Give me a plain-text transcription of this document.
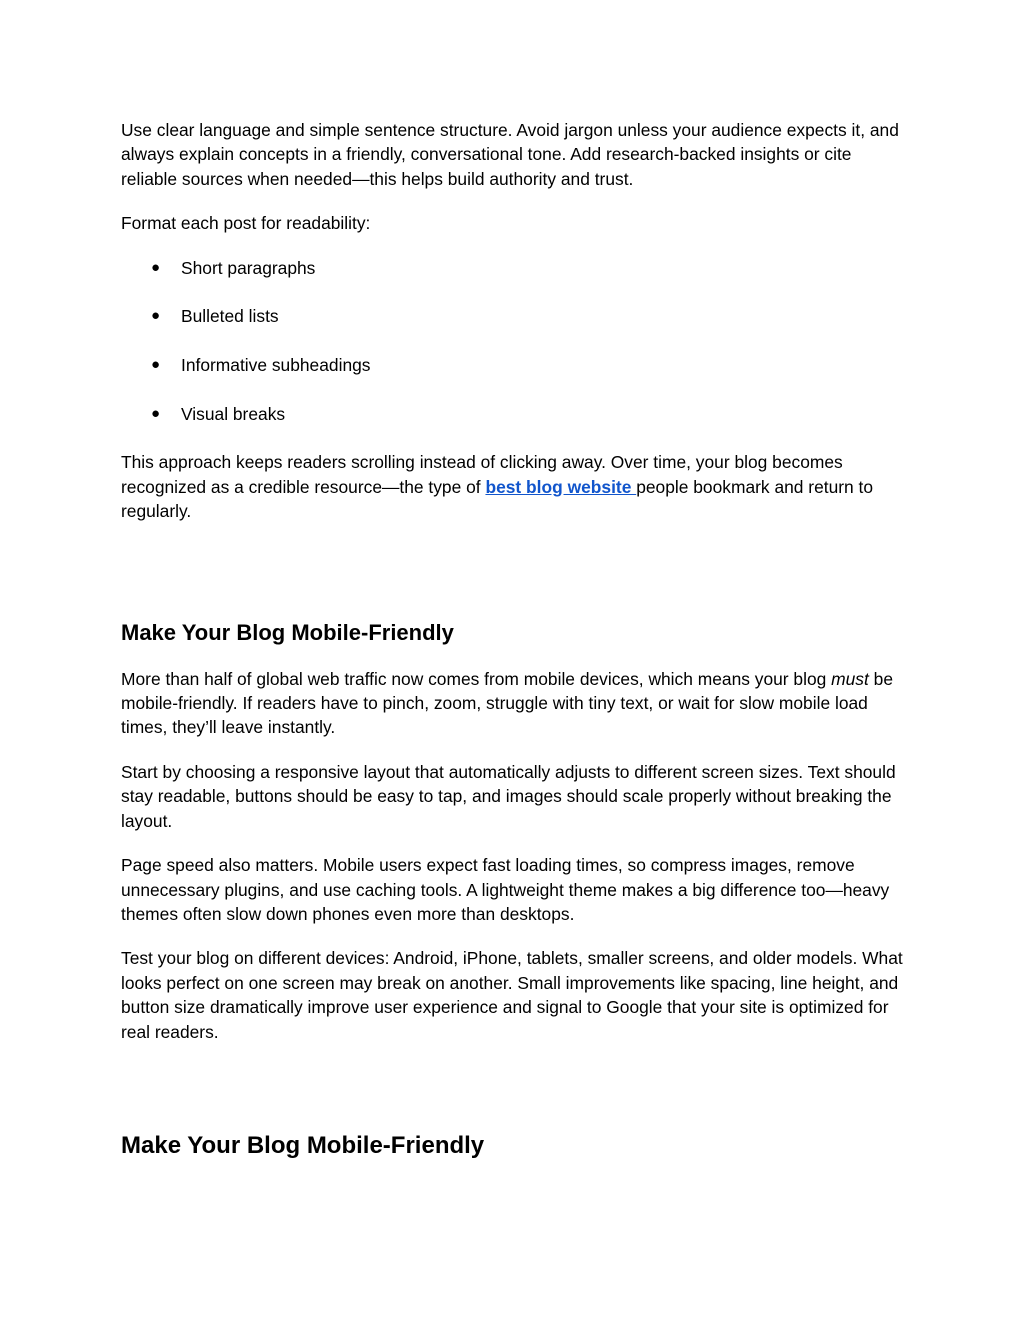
Use clear language and simple sentence structure. Avoid jargon unless your audience expects it, and always explain concepts in a friendly, conversational tone. Add research-backed insights or cite reliable sources when needed—this helps build authority and trust.

Format each post for readability:

● Short paragraphs
● Bulleted lists
● Informative subheadings
● Visual breaks

This approach keeps readers scrolling instead of clicking away. Over time, your blog becomes recognized as a credible resource—the type of best blog website people bookmark and return to regularly.

Make Your Blog Mobile-Friendly

More than half of global web traffic now comes from mobile devices, which means your blog must be mobile-friendly. If readers have to pinch, zoom, struggle with tiny text, or wait for slow mobile load times, they’ll leave instantly.

Start by choosing a responsive layout that automatically adjusts to different screen sizes. Text should stay readable, buttons should be easy to tap, and images should scale properly without breaking the layout.

Page speed also matters. Mobile users expect fast loading times, so compress images, remove unnecessary plugins, and use caching tools. A lightweight theme makes a big difference too—heavy themes often slow down phones even more than desktops.

Test your blog on different devices: Android, iPhone, tablets, smaller screens, and older models. What looks perfect on one screen may break on another. Small improvements like spacing, line height, and button size dramatically improve user experience and signal to Google that your site is optimized for real readers.

Make Your Blog Mobile-Friendly
